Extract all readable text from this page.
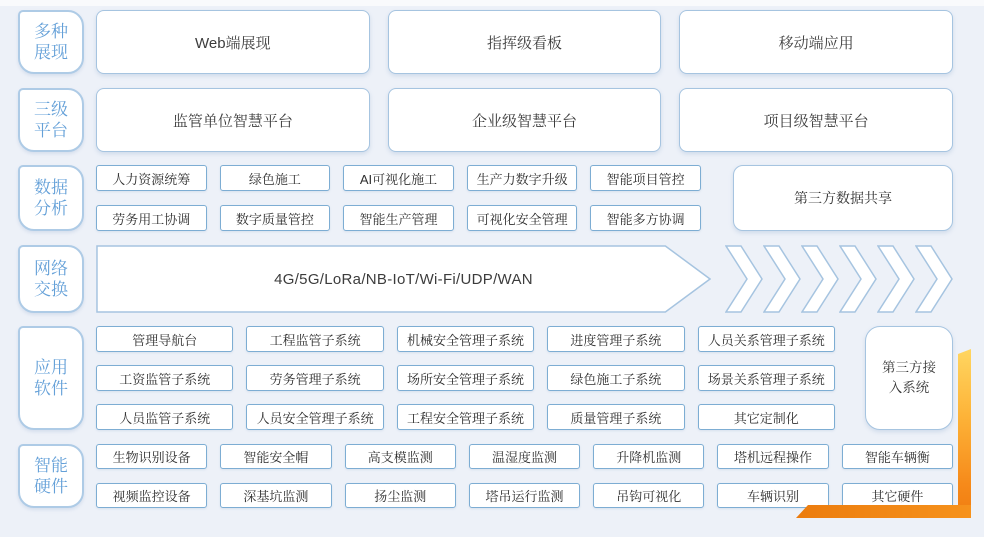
多种展现	Web端展现	指挥级看板	移动端应用
三级平台	监管单位智慧平台	企业级智慧平台	项目级智慧平台
数据分析
人力资源统筹	绿色施工	AI可视化施工	生产力数字升级	智能项目管控
劳务用工协调	数字质量管控	智能生产管理	可视化安全管理	智能多方协调
第三方数据共享
网络交换
4G/5G/LoRa/NB-IoT/Wi-Fi/UDP/WAN
应用软件
管理导航台	工程监管子系统	机械安全管理子系统	进度管理子系统	人员关系管理子系统
工资监管子系统	劳务管理子系统	场所安全管理子系统	绿色施工子系统	场景关系管理子系统
人员监管子系统	人员安全管理子系统	工程安全管理子系统	质量管理子系统	其它定制化
第三方接入系统
智能硬件
生物识别设备	智能安全帽	高支模监测	温湿度监测	升降机监测	塔机远程操作	智能车辆衡
视频监控设备	深基坑监测	扬尘监测	塔吊运行监测	吊钩可视化	车辆识别	其它硬件
